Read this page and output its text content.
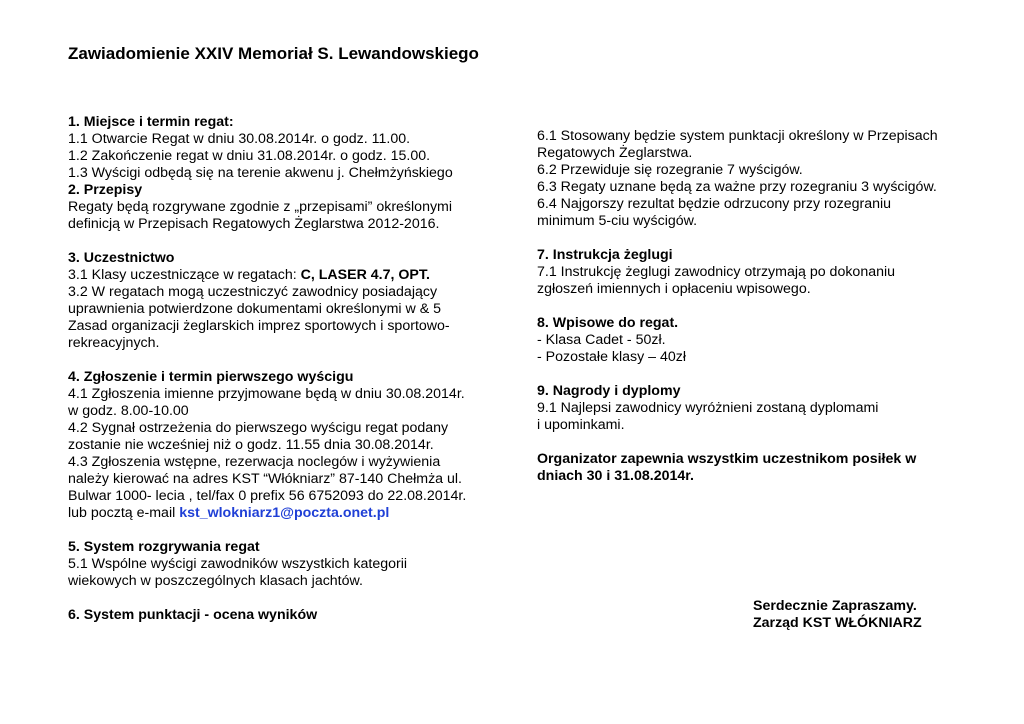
Zawiadomienie XXIV Memoriał S. Lewandowskiego
1. Miejsce i termin regat:
1.1 Otwarcie Regat w dniu 30.08.2014r. o godz. 11.00.
1.2 Zakończenie regat w dniu 31.08.2014r. o godz. 15.00.
1.3 Wyścigi odbędą się na terenie akwenu j. Chełmżyńskiego
2. Przepisy
Regaty będą rozgrywane zgodnie z „przepisami” określonymi
definicją w Przepisach Regatowych Żeglarstwa 2012-2016.
3. Uczestnictwo
3.1 Klasy uczestniczące w regatach: C, LASER 4.7, OPT.
3.2 W regatach mogą uczestniczyć zawodnicy posiadający
uprawnienia potwierdzone dokumentami określonymi w & 5
Zasad organizacji żeglarskich imprez sportowych i sportowo-
rekreacyjnych.
4. Zgłoszenie i termin pierwszego wyścigu
4.1 Zgłoszenia imienne przyjmowane będą w dniu 30.08.2014r.
w godz. 8.00-10.00
4.2 Sygnał ostrzeżenia do pierwszego wyścigu regat podany
zostanie nie wcześniej niż o godz. 11.55 dnia 30.08.2014r.
4.3 Zgłoszenia wstępne, rezerwacja noclegów i wyżywienia
należy kierować na adres KST “Włókniarz” 87-140 Chełmża ul.
Bulwar 1000- lecia , tel/fax 0 prefix 56 6752093 do 22.08.2014r.
lub pocztą e-mail kst_wlokniarz1@poczta.onet.pl
5. System rozgrywania regat
5.1 Wspólne wyścigi zawodników wszystkich kategorii
wiekowych w poszczególnych klasach jachtów.
6. System punktacji - ocena wyników
6.1 Stosowany będzie system punktacji określony w Przepisach
Regatowych Żeglarstwa.
6.2 Przewiduje się rozegranie 7 wyścigów.
6.3 Regaty uznane będą za ważne przy rozegraniu 3 wyścigów.
6.4 Najgorszy rezultat będzie odrzucony przy rozegraniu
minimum 5-ciu wyścigów.
7. Instrukcja żeglugi
7.1 Instrukcję żeglugi zawodnicy otrzymają po dokonaniu
zgłoszeń imiennych i opłaceniu wpisowego.
8. Wpisowe do regat.
- Klasa Cadet - 50zł.
- Pozostałe klasy – 40zł
9. Nagrody i dyplomy
9.1 Najlepsi zawodnicy wyróżnieni zostaną dyplomami
i upominkami.
Organizator zapewnia wszystkim uczestnikom posiłek w
dniach 30 i 31.08.2014r.
Serdecznie Zapraszamy.
Zarząd KST WŁÓKNIARZ
